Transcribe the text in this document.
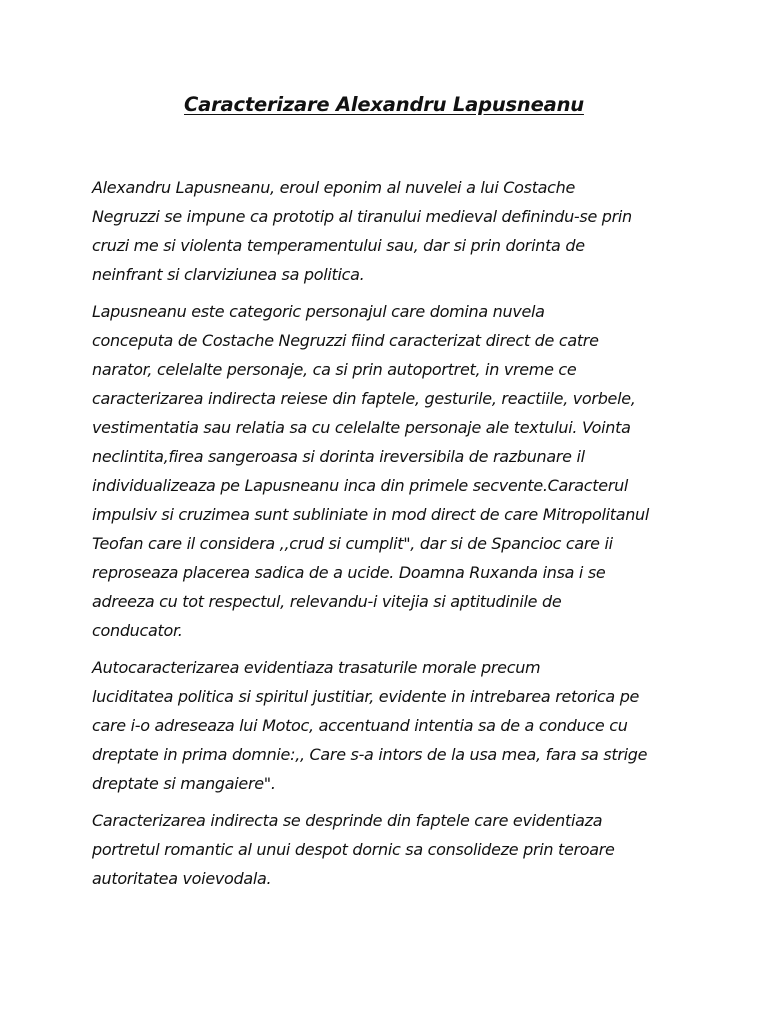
Caracterizare Alexandru Lapusneanu

Alexandru Lapusneanu, eroul eponim al nuvelei a lui Costache
Negruzzi se impune ca prototip al tiranului medieval definindu-se prin
cruzi me si violenta temperamentului sau, dar si prin dorinta de
neinfrant si clarviziunea sa politica.

Lapusneanu este categoric personajul care domina nuvela
conceputa de Costache Negruzzi fiind caracterizat direct de catre
narator, celelalte personaje, ca si prin autoportret, in vreme ce
caracterizarea indirecta reiese din faptele, gesturile, reactiile, vorbele,
vestimentatia sau relatia sa cu celelalte personaje ale textului. Vointa
neclintita,firea sangeroasa si dorinta ireversibila de razbunare il
individualizeaza pe Lapusneanu inca din primele secvente.Caracterul
impulsiv si cruzimea sunt subliniate in mod direct de care Mitropolitanul
Teofan care il considera ,,crud si cumplit", dar si de Spancioc care ii
reproseaza placerea sadica de a ucide. Doamna Ruxanda insa i se
adreeza cu tot respectul, relevandu-i vitejia si aptitudinile de
conducator.

Autocaracterizarea evidentiaza trasaturile morale precum
luciditatea politica si spiritul justitiar, evidente in intrebarea retorica pe
care i-o adreseaza lui Motoc, accentuand intentia sa de a conduce cu
dreptate in prima domnie:,, Care s-a intors de la usa mea, fara sa strige
dreptate si mangaiere".

Caracterizarea indirecta se desprinde din faptele care evidentiaza
portretul romantic al unui despot dornic sa consolideze prin teroare
autoritatea voievodala.
